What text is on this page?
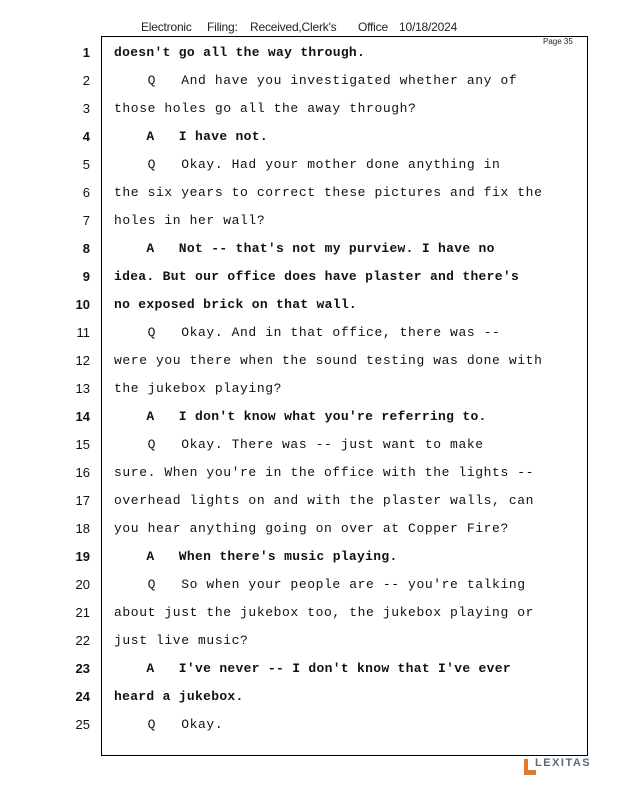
Electronic Filing: Received,Clerk's Office 10/18/2024
Page 35
1 doesn't go all the way through.
2 Q   And have you investigated whether any of
3 those holes go all the away through?
4 A   I have not.
5 Q   Okay. Had your mother done anything in
6 the six years to correct these pictures and fix the
7 holes in her wall?
8 A   Not -- that's not my purview. I have no
9 idea. But our office does have plaster and there's
10 no exposed brick on that wall.
11 Q   Okay. And in that office, there was --
12 were you there when the sound testing was done with
13 the jukebox playing?
14 A   I don't know what you're referring to.
15 Q   Okay. There was -- just want to make
16 sure. When you're in the office with the lights --
17 overhead lights on and with the plaster walls, can
18 you hear anything going on over at Copper Fire?
19 A   When there's music playing.
20 Q   So when your people are -- you're talking
21 about just the jukebox too, the jukebox playing or
22 just live music?
23 A   I've never -- I don't know that I've ever
24 heard a jukebox.
25 Q   Okay.
LEXITAS
